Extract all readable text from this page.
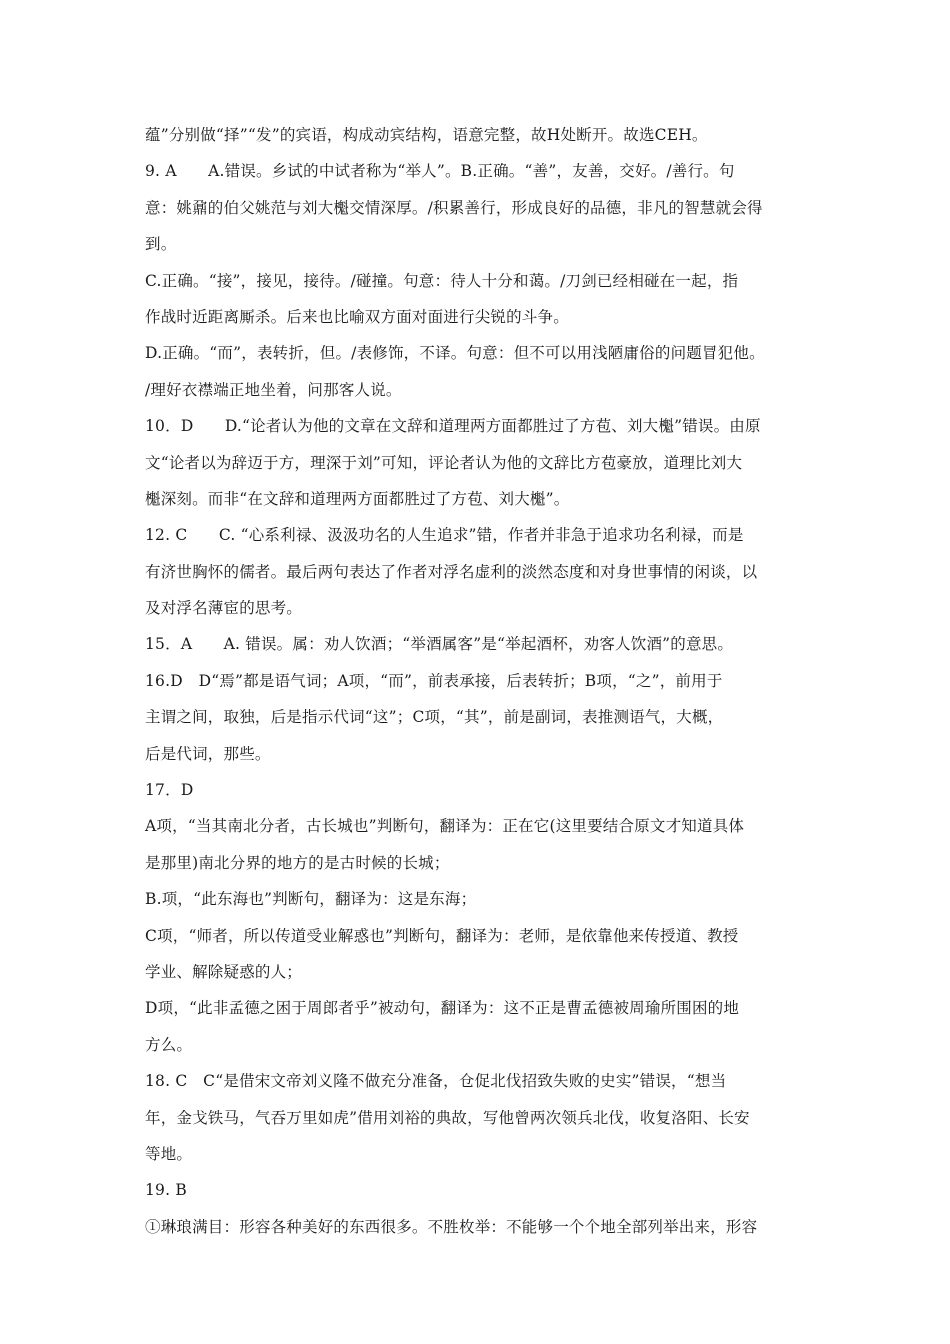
蕴”分别做“择”“发”的宾语，构成动宾结构，语意完整，故H处断开。故选CEH。
9. A　　A.错误。乡试的中试者称为“举人”。B.正确。“善”，友善，交好。/善行。句
意：姚鼐的伯父姚范与刘大櫆交情深厚。/积累善行，形成良好的品德，非凡的智慧就会得
到。
C.正确。“接”，接见，接待。/碰撞。句意：待人十分和蔼。/刀剑已经相碰在一起，指
作战时近距离厮杀。后来也比喻双方面对面进行尖锐的斗争。
D.正确。“而”，表转折，但。/表修饰，不译。句意：但不可以用浅陋庸俗的问题冒犯他。
/理好衣襟端正地坐着，问那客人说。
10．D　　D.“论者认为他的文章在文辞和道理两方面都胜过了方苞、刘大櫆”错误。由原
文“论者以为辞迈于方，理深于刘”可知，评论者认为他的文辞比方苞豪放，道理比刘大
櫆深刻。而非“在文辞和道理两方面都胜过了方苞、刘大櫆”。
12. C　　C. “心系利禄、汲汲功名的人生追求”错，作者并非急于追求功名利禄，而是
有济世胸怀的儒者。最后两句表达了作者对浮名虚利的淡然态度和对身世事情的闲谈，以
及对浮名薄宦的思考。
15．A　　A. 错误。属：劝人饮酒；“举酒属客”是“举起酒杯，劝客人饮酒”的意思。
16.D　D“焉”都是语气词；A项，“而”，前表承接，后表转折；B项，“之”，前用于
主谓之间，取独，后是指示代词“这”；C项，“其”，前是副词，表推测语气，大概，
后是代词，那些。
17．D
A项，“当其南北分者，古长城也”判断句，翻译为：正在它(这里要结合原文才知道具体
是那里)南北分界的地方的是古时候的长城；
B.项，“此东海也”判断句，翻译为：这是东海；
C项，“师者，所以传道受业解惑也”判断句，翻译为：老师，是依靠他来传授道、教授
学业、解除疑惑的人；
D项，“此非孟德之困于周郎者乎”被动句，翻译为：这不正是曹孟德被周瑜所围困的地
方么。
18. C　C“是借宋文帝刘义隆不做充分准备，仓促北伐招致失败的史实”错误，“想当
年，金戈铁马，气吞万里如虎”借用刘裕的典故，写他曾两次领兵北伐，收复洛阳、长安
等地。
19. B
①琳琅满目：形容各种美好的东西很多。不胜枚举：不能够一个个地全部列举出来，形容
